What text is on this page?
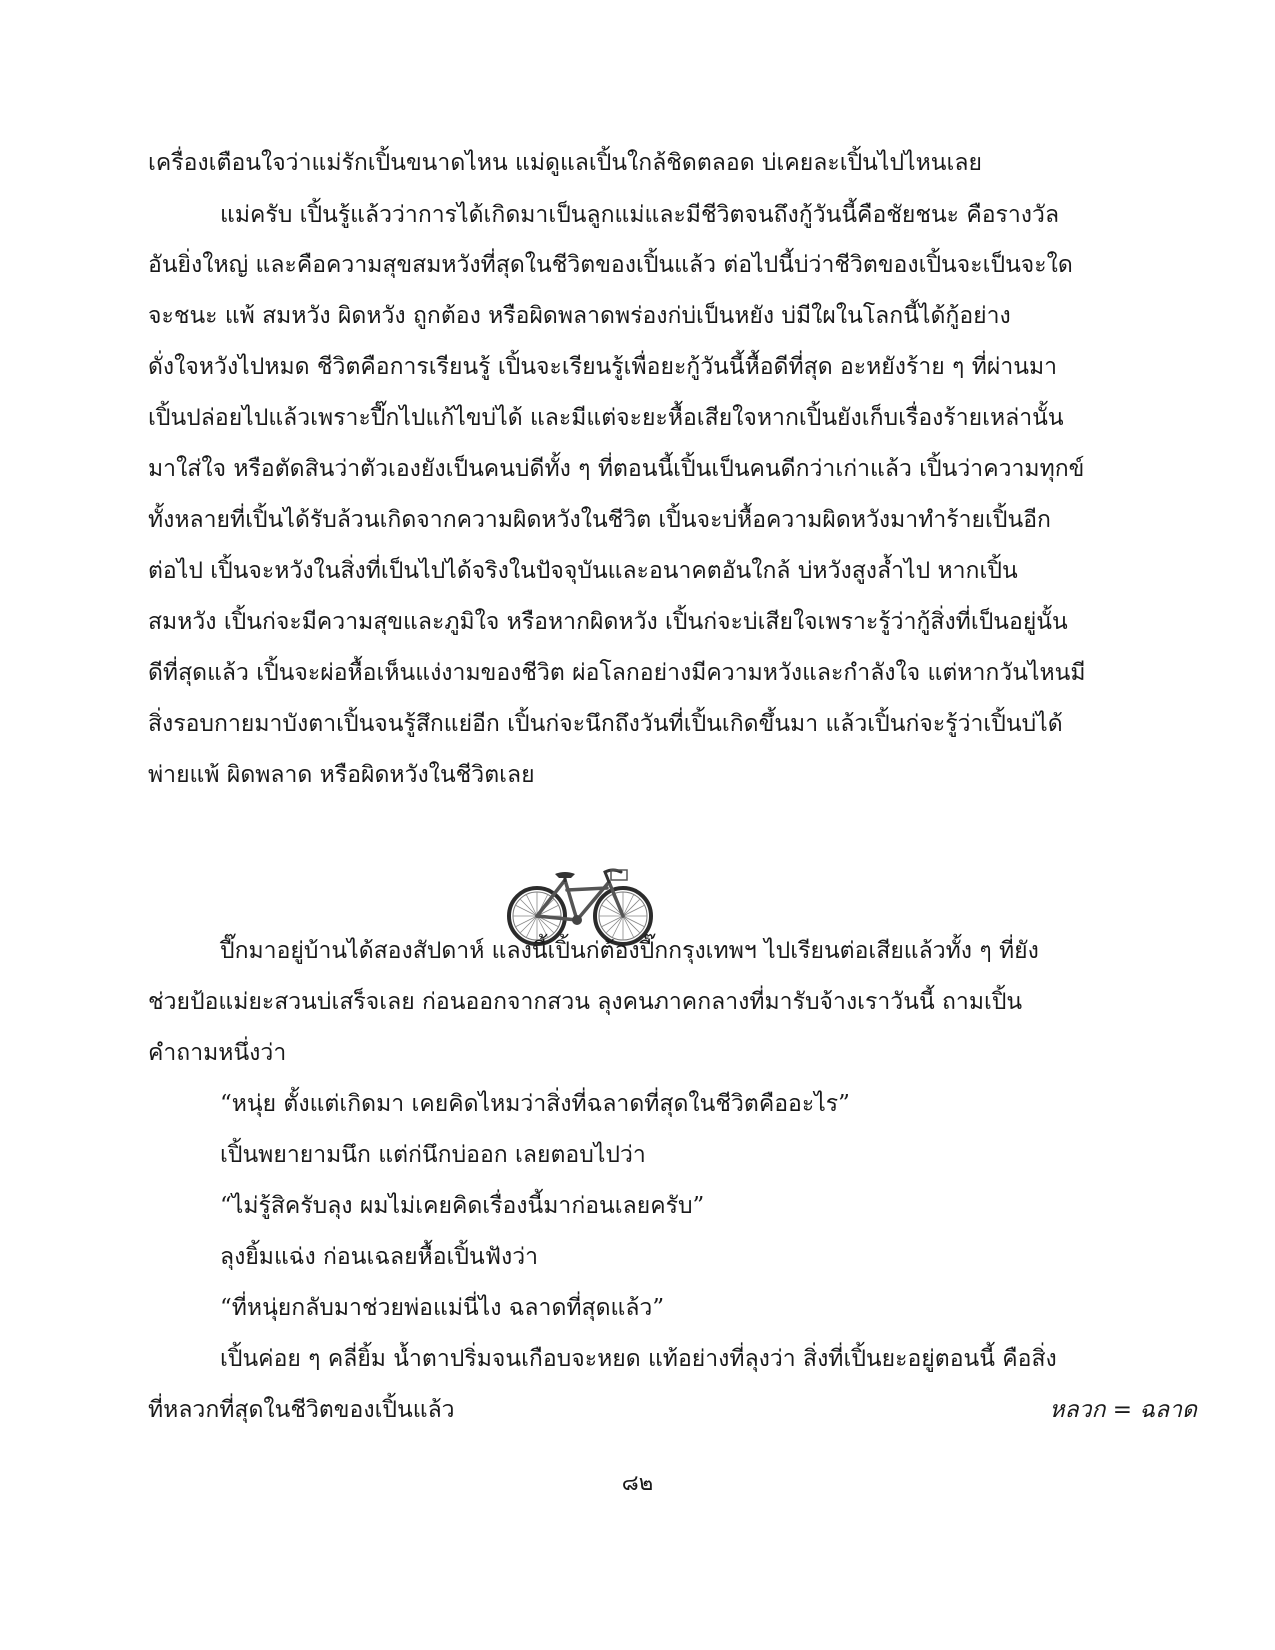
เครื่องเตือนใจว่าแม่รักเปิ้นขนาดไหน แม่ดูแลเปิ้นใกล้ชิดตลอด บ่เคยละเปิ้นไปไหนเลย
แม่ครับ เปิ้นรู้แล้วว่าการได้เกิดมาเป็นลูกแม่และมีชีวิตจนถึงกู้วันนี้คือชัยชนะ คือรางวัล
อันยิ่งใหญ่ และคือความสุขสมหวังที่สุดในชีวิตของเปิ้นแล้ว ต่อไปนี้บ่ว่าชีวิตของเปิ้นจะเป็นจะใด
จะชนะ แพ้ สมหวัง ผิดหวัง ถูกต้อง หรือผิดพลาดพร่องก่บ่เป็นหยัง บ่มีใผในโลกนี้ได้กู้อย่าง
ดั่งใจหวังไปหมด ชีวิตคือการเรียนรู้ เปิ้นจะเรียนรู้เพื่อยะกู้วันนี้หื้อดีที่สุด อะหยังร้าย ๆ ที่ผ่านมา
เปิ้นปล่อยไปแล้วเพราะปี๊กไปแก้ไขบ่ได้ และมีแต่จะยะหื้อเสียใจหากเปิ้นยังเก็บเรื่องร้ายเหล่านั้น
มาใส่ใจ หรือตัดสินว่าตัวเองยังเป็นคนบ่ดีทั้ง ๆ ที่ตอนนี้เปิ้นเป็นคนดีกว่าเก่าแล้ว เปิ้นว่าความทุกข์
ทั้งหลายที่เปิ้นได้รับล้วนเกิดจากความผิดหวังในชีวิต เปิ้นจะบ่หื้อความผิดหวังมาทำร้ายเปิ้นอีก
ต่อไป เปิ้นจะหวังในสิ่งที่เป็นไปได้จริงในปัจจุบันและอนาคตอันใกล้ บ่หวังสูงล้ำไป หากเปิ้น
สมหวัง เปิ้นก่จะมีความสุขและภูมิใจ หรือหากผิดหวัง เปิ้นก่จะบ่เสียใจเพราะรู้ว่ากู้สิ่งที่เป็นอยู่นั้น
ดีที่สุดแล้ว เปิ้นจะผ่อหื้อเห็นแง่งามของชีวิต ผ่อโลกอย่างมีความหวังและกำลังใจ แต่หากวันไหนมี
สิ่งรอบกายมาบังตาเปิ้นจนรู้สึกแย่อีก เปิ้นก่จะนึกถึงวันที่เปิ้นเกิดขึ้นมา แล้วเปิ้นก่จะรู้ว่าเปิ้นบ่ได้
พ่ายแพ้ ผิดพลาด หรือผิดหวังในชีวิตเลย
ปี๊กมาอยู่บ้านได้สองสัปดาห์ แลงนี้เปิ้นก่ต้องปี๊กกรุงเทพฯ ไปเรียนต่อเสียแล้วทั้ง ๆ ที่ยัง
ช่วยป้อแม่ยะสวนบ่เสร็จเลย ก่อนออกจากสวน ลุงคนภาคกลางที่มารับจ้างเราวันนี้ ถามเปิ้น
คำถามหนึ่งว่า
“หนุ่ย ตั้งแต่เกิดมา เคยคิดไหมว่าสิ่งที่ฉลาดที่สุดในชีวิตคืออะไร”
เปิ้นพยายามนึก แต่ก่นึกบ่ออก เลยตอบไปว่า
“ไม่รู้สิครับลุง ผมไม่เคยคิดเรื่องนี้มาก่อนเลยครับ”
ลุงยิ้มแฉ่ง ก่อนเฉลยหื้อเปิ้นฟังว่า
“ที่หนุ่ยกลับมาช่วยพ่อแม่นี่ไง ฉลาดที่สุดแล้ว”
เปิ้นค่อย ๆ คลี่ยิ้ม น้ำตาปริ่มจนเกือบจะหยด แท้อย่างที่ลุงว่า สิ่งที่เปิ้นยะอยู่ตอนนี้ คือสิ่ง
ที่หลวกที่สุดในชีวิตของเปิ้นแล้ว	หลวก = ฉลาด
๘๒
